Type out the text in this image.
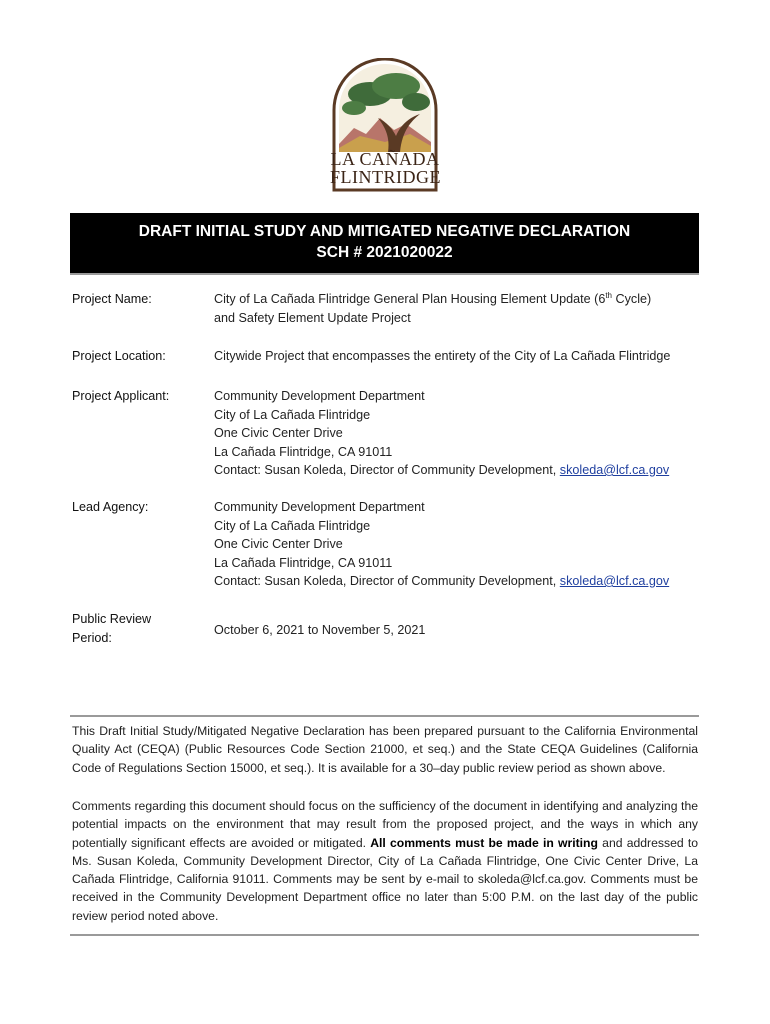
LA CAÑADA
FLINTRIDGE
DRAFT INITIAL STUDY AND MITIGATED NEGATIVE DECLARATION
SCH # 2021020022
Project Name:	City of La Cañada Flintridge General Plan Housing Element Update (6th Cycle)
and Safety Element Update Project
Project Location:	Citywide Project that encompasses the entirety of the City of La Cañada Flintridge
Project Applicant:	Community Development Department
City of La Cañada Flintridge
One Civic Center Drive
La Cañada Flintridge, CA 91011
Contact: Susan Koleda, Director of Community Development, skoleda@lcf.ca.gov
Lead Agency:	Community Development Department
City of La Cañada Flintridge
One Civic Center Drive
La Cañada Flintridge, CA 91011
Contact: Susan Koleda, Director of Community Development, skoleda@lcf.ca.gov
Public Review
Period:
October 6, 2021 to November 5, 2021
This Draft Initial Study/Mitigated Negative Declaration has been prepared pursuant to the California Environmental Quality Act (CEQA) (Public Resources Code Section 21000, et seq.) and the State CEQA Guidelines (California Code of Regulations Section 15000, et seq.). It is available for a 30–day public review period as shown above.
Comments regarding this document should focus on the sufficiency of the document in identifying and analyzing the potential impacts on the environment that may result from the proposed project, and the ways in which any potentially significant effects are avoided or mitigated. All comments must be made in writing and addressed to Ms. Susan Koleda, Community Development Director, City of La Cañada Flintridge, One Civic Center Drive, La Cañada Flintridge, California 91011. Comments may be sent by e-mail to skoleda@lcf.ca.gov. Comments must be received in the Community Development Department office no later than 5:00 P.M. on the last day of the public review period noted above.
